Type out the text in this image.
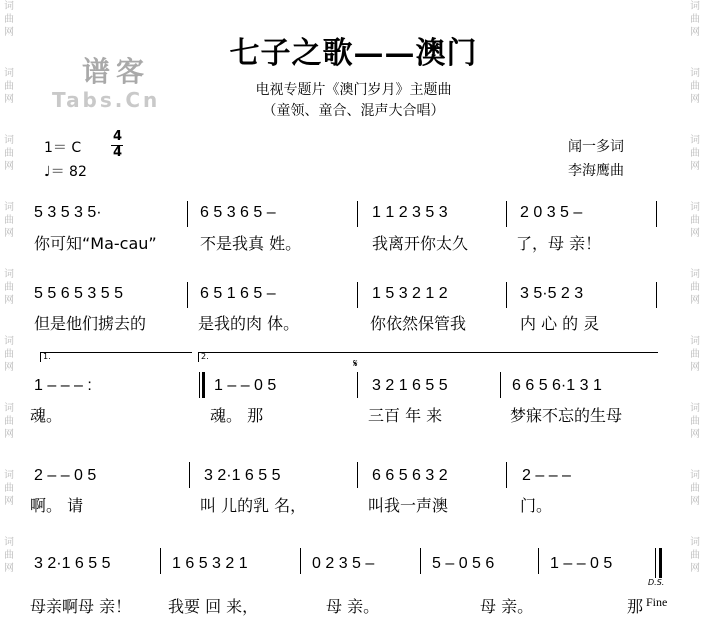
词曲网
词曲网
词曲网
词曲网
词曲网
词曲网
词曲网
词曲网
词曲网
词曲网
词曲网
词曲网
词曲网
词曲网
词曲网
词曲网
词曲网
词曲网
谱客
Tabs.Cn
七子之歌——澳门
电视专题片《澳门岁月》主题曲
（童领、童合、混声大合唱）
1＝ C
4
4
♩＝ 82
闻一多词
李海鹰曲
5 3 5 3 5·
你可知“Ma-cau”
6 5 3 6 5 –
不是我真 姓。
1 1 2 3 5 3
我离开你太久
2 0 3 5 –
了，母 亲！
5 5 6 5 3 5 5
但是他们掳去的
6 5 1 6 5 –
是我的肉 体。
1 5 3 2 1 2
你依然保管我
3 5·5 2 3
内 心 的 灵
1.	2.
𝄋
1 – – – :
魂。
1 – – 0 5
魂。 那
3 2 1 6 5 5
三百 年 来
6 6 5 6·1 3 1
梦寐不忘的生母
2 – – 0 5
啊。 请
3 2·1 6 5 5
叫 儿的乳 名，
6 6 5 6 3 2
叫我一声澳
2 – – –
门。
3 2·1 6 5 5
母亲啊母 亲！
1 6 5 3 2 1
我要 回 来，
0 2 3 5 –
母 亲。
5 – 0 5 6
母 亲。
1 – – 0 5
那
D.S.
Fine
